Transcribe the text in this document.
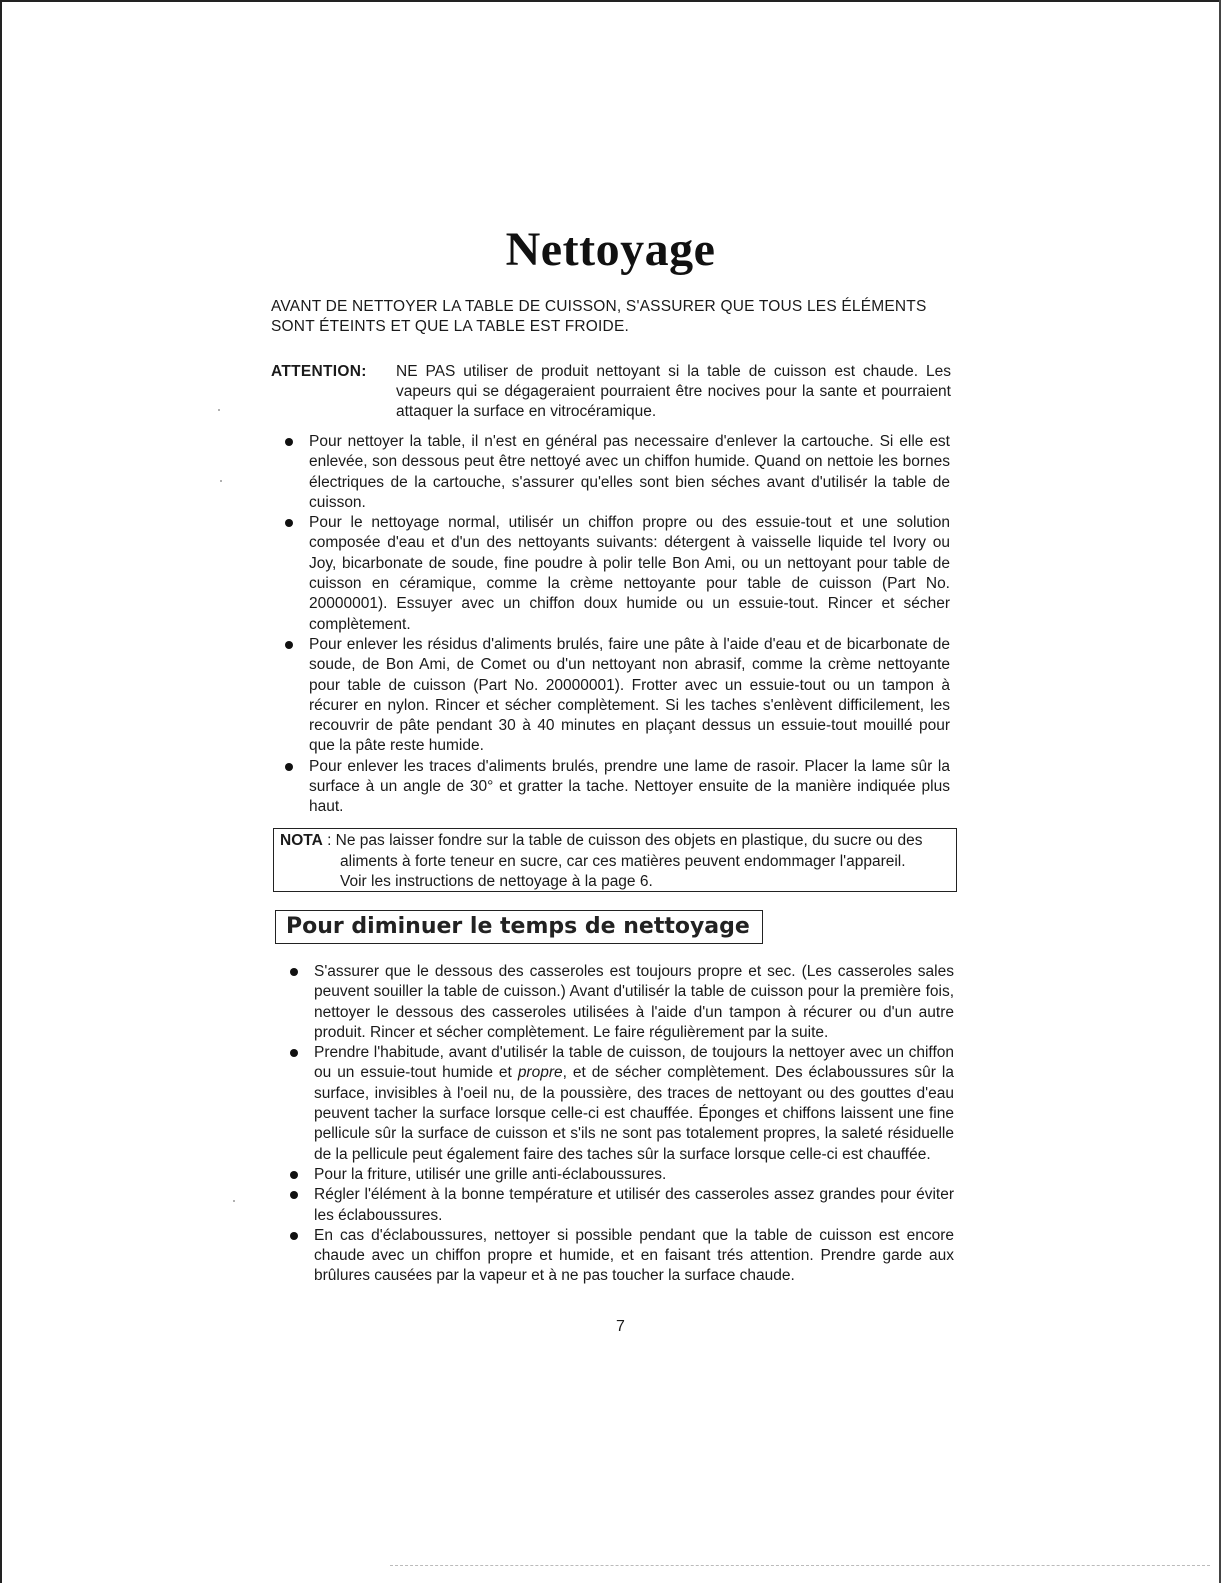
Nettoyage
AVANT DE NETTOYER LA TABLE DE CUISSON, S'ASSURER QUE TOUS LES ÉLÉMENTS SONT ÉTEINTS ET QUE LA TABLE EST FROIDE.
ATTENTION: NE PAS utiliser de produit nettoyant si la table de cuisson est chaude. Les vapeurs qui se dégageraient pourraient être nocives pour la sante et pourraient attaquer la surface en vitrocéramique.
Pour nettoyer la table, il n'est en général pas necessaire d'enlever la cartouche. Si elle est enlevée, son dessous peut être nettoyé avec un chiffon humide. Quand on nettoie les bornes électriques de la cartouche, s'assurer qu'elles sont bien séches avant d'utilisér la table de cuisson.
Pour le nettoyage normal, utilisér un chiffon propre ou des essuie-tout et une solution composée d'eau et d'un des nettoyants suivants: détergent à vaisselle liquide tel Ivory ou Joy, bicarbonate de soude, fine poudre à polir telle Bon Ami, ou un nettoyant pour table de cuisson en céramique, comme la crème nettoyante pour table de cuisson (Part No. 20000001). Essuyer avec un chiffon doux humide ou un essuie-tout. Rincer et sécher complètement.
Pour enlever les résidus d'aliments brulés, faire une pâte à l'aide d'eau et de bicarbonate de soude, de Bon Ami, de Comet ou d'un nettoyant non abrasif, comme la crème nettoyante pour table de cuisson (Part No. 20000001). Frotter avec un essuie-tout ou un tampon à récurer en nylon. Rincer et sécher complètement. Si les taches s'enlèvent difficilement, les recouvrir de pâte pendant 30 à 40 minutes en plaçant dessus un essuie-tout mouillé pour que la pâte reste humide.
Pour enlever les traces d'aliments brulés, prendre une lame de rasoir. Placer la lame sûr la surface à un angle de 30° et gratter la tache. Nettoyer ensuite de la manière indiquée plus haut.
NOTA : Ne pas laisser fondre sur la table de cuisson des objets en plastique, du sucre ou des
aliments à forte teneur en sucre, car ces matières peuvent endommager l'appareil.
Voir les instructions de nettoyage à la page 6.
Pour diminuer le temps de nettoyage
S'assurer que le dessous des casseroles est toujours propre et sec. (Les casseroles sales peuvent souiller la table de cuisson.) Avant d'utilisér la table de cuisson pour la première fois, nettoyer le dessous des casseroles utilisées à l'aide d'un tampon à récurer ou d'un autre produit. Rincer et sécher complètement. Le faire régulièrement par la suite.
Prendre l'habitude, avant d'utilisér la table de cuisson, de toujours la nettoyer avec un chiffon ou un essuie-tout humide et propre, et de sécher complètement. Des éclaboussures sûr la surface, invisibles à l'oeil nu, de la poussière, des traces de nettoyant ou des gouttes d'eau peuvent tacher la surface lorsque celle-ci est chauffée. Éponges et chiffons laissent une fine pellicule sûr la surface de cuisson et s'ils ne sont pas totalement propres, la saleté résiduelle de la pellicule peut également faire des taches sûr la surface lorsque celle-ci est chauffée.
Pour la friture, utilisér une grille anti-éclaboussures.
Régler l'élément à la bonne température et utilisér des casseroles assez grandes pour éviter les éclaboussures.
En cas d'éclaboussures, nettoyer si possible pendant que la table de cuisson est encore chaude avec un chiffon propre et humide, et en faisant trés attention. Prendre garde aux brûlures causées par la vapeur et à ne pas toucher la surface chaude.
7
